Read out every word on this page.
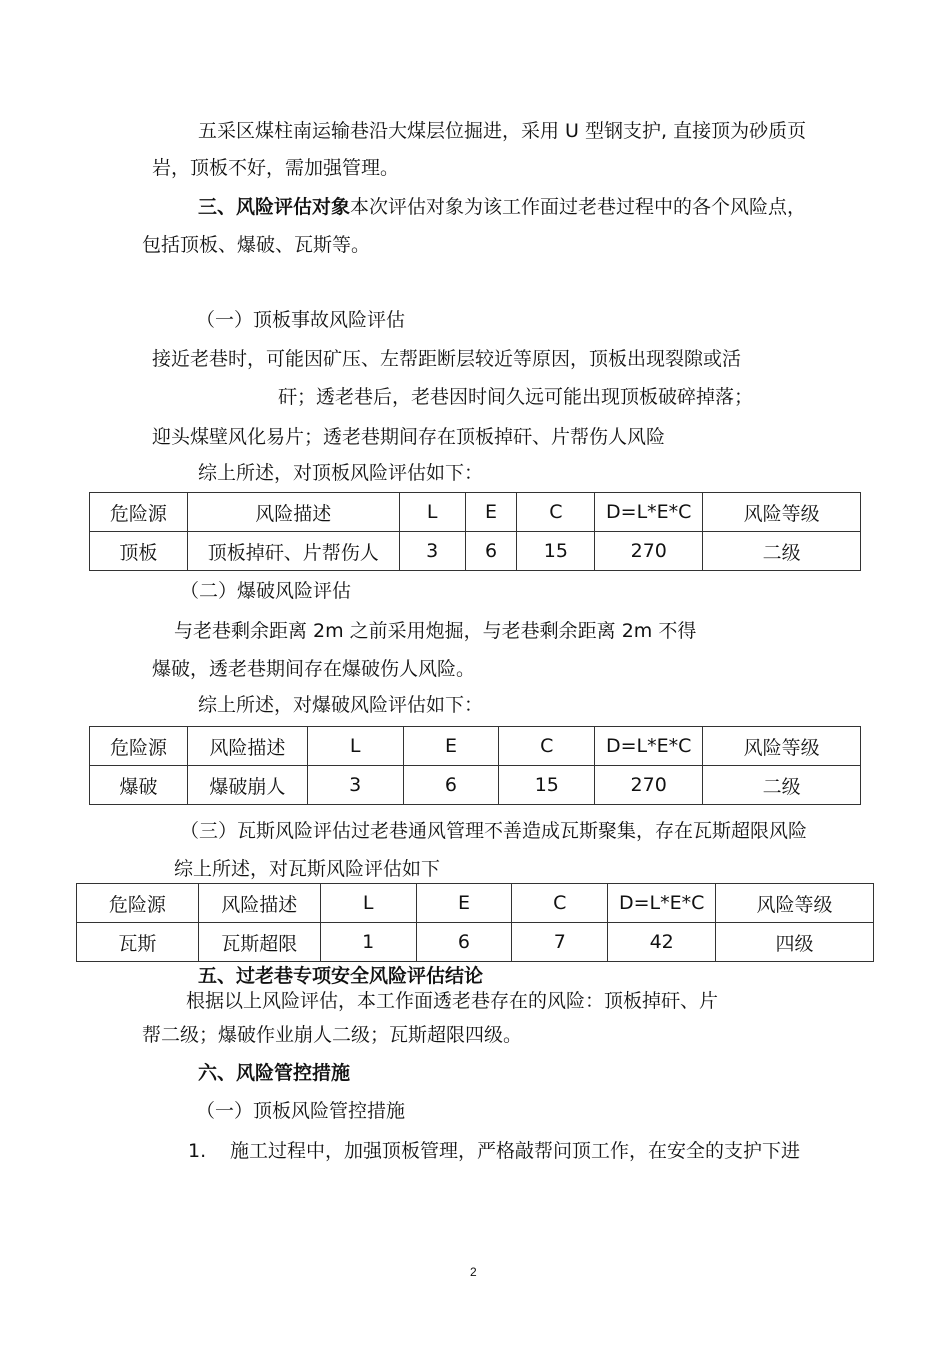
五采区煤柱南运输巷沿大煤层位掘进，采用 U 型钢支护, 直接顶为砂质页
岩，顶板不好，需加强管理。
三、风险评估对象本次评估对象为该工作面过老巷过程中的各个风险点，
包括顶板、爆破、瓦斯等。
（一）顶板事故风险评估
接近老巷时，可能因矿压、左帮距断层较近等原因，顶板出现裂隙或活
矸；透老巷后，老巷因时间久远可能出现顶板破碎掉落；
迎头煤壁风化易片；透老巷期间存在顶板掉矸、片帮伤人风险
综上所述，对顶板风险评估如下：
危险源	风险描述	L	E	C	D=L*E*C	风险等级
顶板	顶板掉矸、片帮伤人	3	6	15	270	二级
（二）爆破风险评估
与老巷剩余距离 2m 之前采用炮掘，与老巷剩余距离 2m 不得
爆破，透老巷期间存在爆破伤人风险。
综上所述，对爆破风险评估如下：
危险源	风险描述	L	E	C	D=L*E*C	风险等级
爆破	爆破崩人	3	6	15	270	二级
（三）瓦斯风险评估过老巷通风管理不善造成瓦斯聚集，存在瓦斯超限风险
综上所述，对瓦斯风险评估如下
危险源	风险描述	L	E	C	D=L*E*C	风险等级
瓦斯	瓦斯超限	1	6	7	42	四级
五、过老巷专项安全风险评估结论
根据以上风险评估，本工作面透老巷存在的风险：顶板掉矸、片
帮二级；爆破作业崩人二级；瓦斯超限四级。
六、风险管控措施
（一）顶板风险管控措施
1. 施工过程中，加强顶板管理，严格敲帮问顶工作，在安全的支护下进
2
